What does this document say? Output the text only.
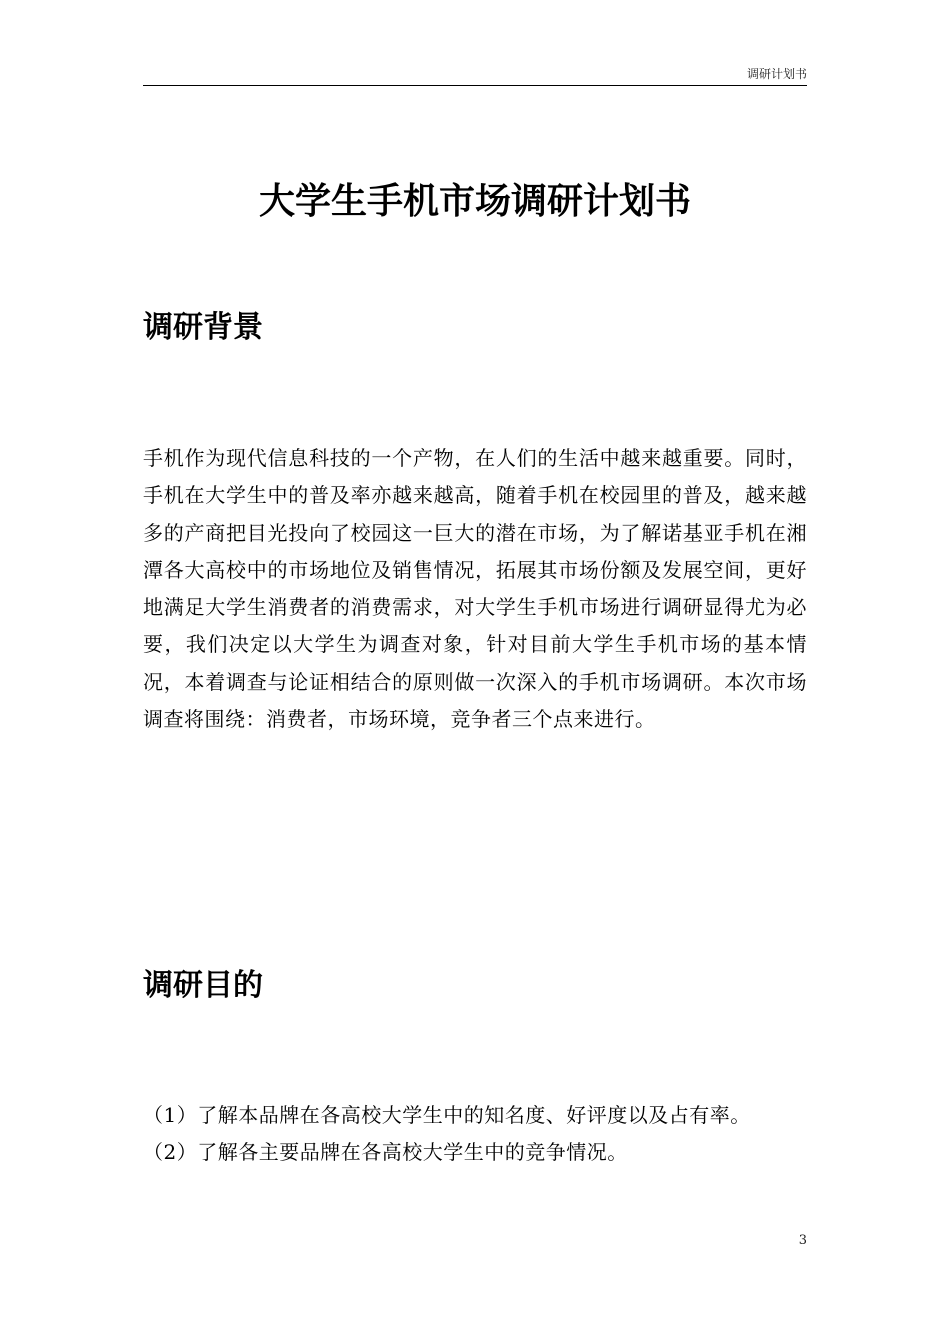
调研计划书
大学生手机市场调研计划书
调研背景

手机作为现代信息科技的一个产物，在人们的生活中越来越重要。同时，手机在大学生中的普及率亦越来越高，随着手机在校园里的普及，越来越多的产商把目光投向了校园这一巨大的潜在市场，为了解诺基亚手机在湘潭各大高校中的市场地位及销售情况，拓展其市场份额及发展空间，更好地满足大学生消费者的消费需求，对大学生手机市场进行调研显得尤为必要，我们决定以大学生为调查对象，针对目前大学生手机市场的基本情况，本着调查与论证相结合的原则做一次深入的手机市场调研。本次市场调查将围绕：消费者，市场环境，竞争者三个点来进行。

调研目的
（1）了解本品牌在各高校大学生中的知名度、好评度以及占有率。
（2）了解各主要品牌在各高校大学生中的竞争情况。
3
